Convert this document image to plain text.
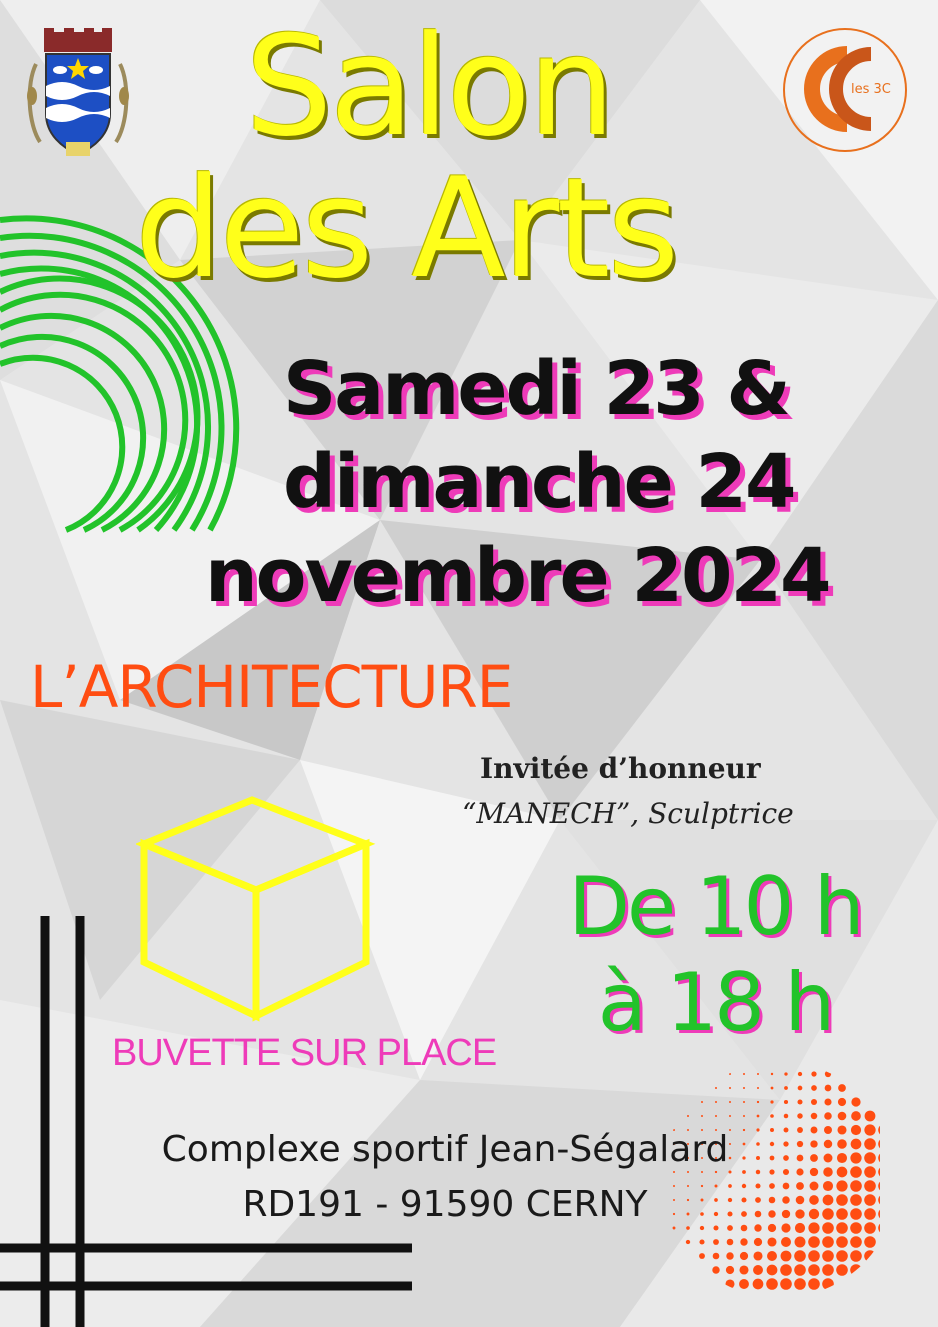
les 3C
Salon
des Arts
Samedi 23 &
dimanche 24
novembre 2024
L’ARCHITECTURE
Invitée d’honneur
“MANECH”, Sculptrice
De 10 h
à 18 h
BUVETTE SUR PLACE
Complexe sportif Jean-Ségalard
RD191 - 91590 CERNY
